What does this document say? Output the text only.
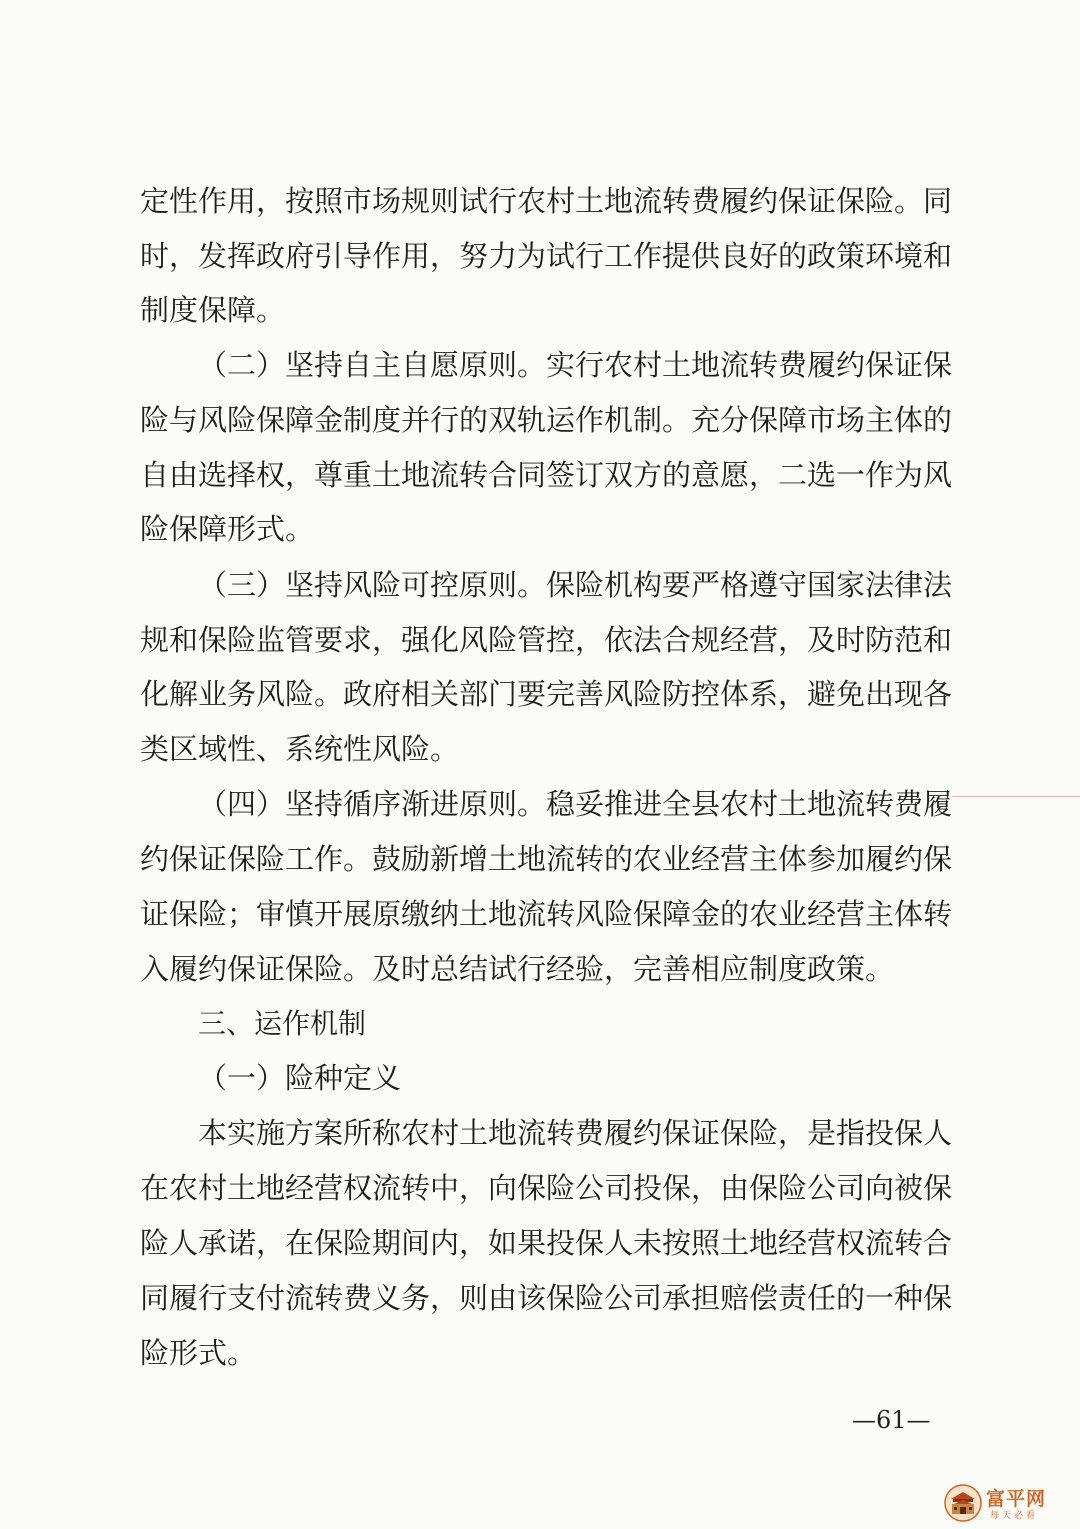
定性作用，按照市场规则试行农村土地流转费履约保证保险。同
时，发挥政府引导作用，努力为试行工作提供良好的政策环境和
制度保障。
（二）坚持自主自愿原则。实行农村土地流转费履约保证保
险与风险保障金制度并行的双轨运作机制。充分保障市场主体的
自由选择权，尊重土地流转合同签订双方的意愿，二选一作为风
险保障形式。
（三）坚持风险可控原则。保险机构要严格遵守国家法律法
规和保险监管要求，强化风险管控，依法合规经营，及时防范和
化解业务风险。政府相关部门要完善风险防控体系，避免出现各
类区域性、系统性风险。
（四）坚持循序渐进原则。稳妥推进全县农村土地流转费履
约保证保险工作。鼓励新增土地流转的农业经营主体参加履约保
证保险；审慎开展原缴纳土地流转风险保障金的农业经营主体转
入履约保证保险。及时总结试行经验，完善相应制度政策。
三、运作机制
（一）险种定义
本实施方案所称农村土地流转费履约保证保险，是指投保人
在农村土地经营权流转中，向保险公司投保，由保险公司向被保
险人承诺，在保险期间内，如果投保人未按照土地经营权流转合
同履行支付流转费义务，则由该保险公司承担赔偿责任的一种保
险形式。
—61—
富平网
每天必看
